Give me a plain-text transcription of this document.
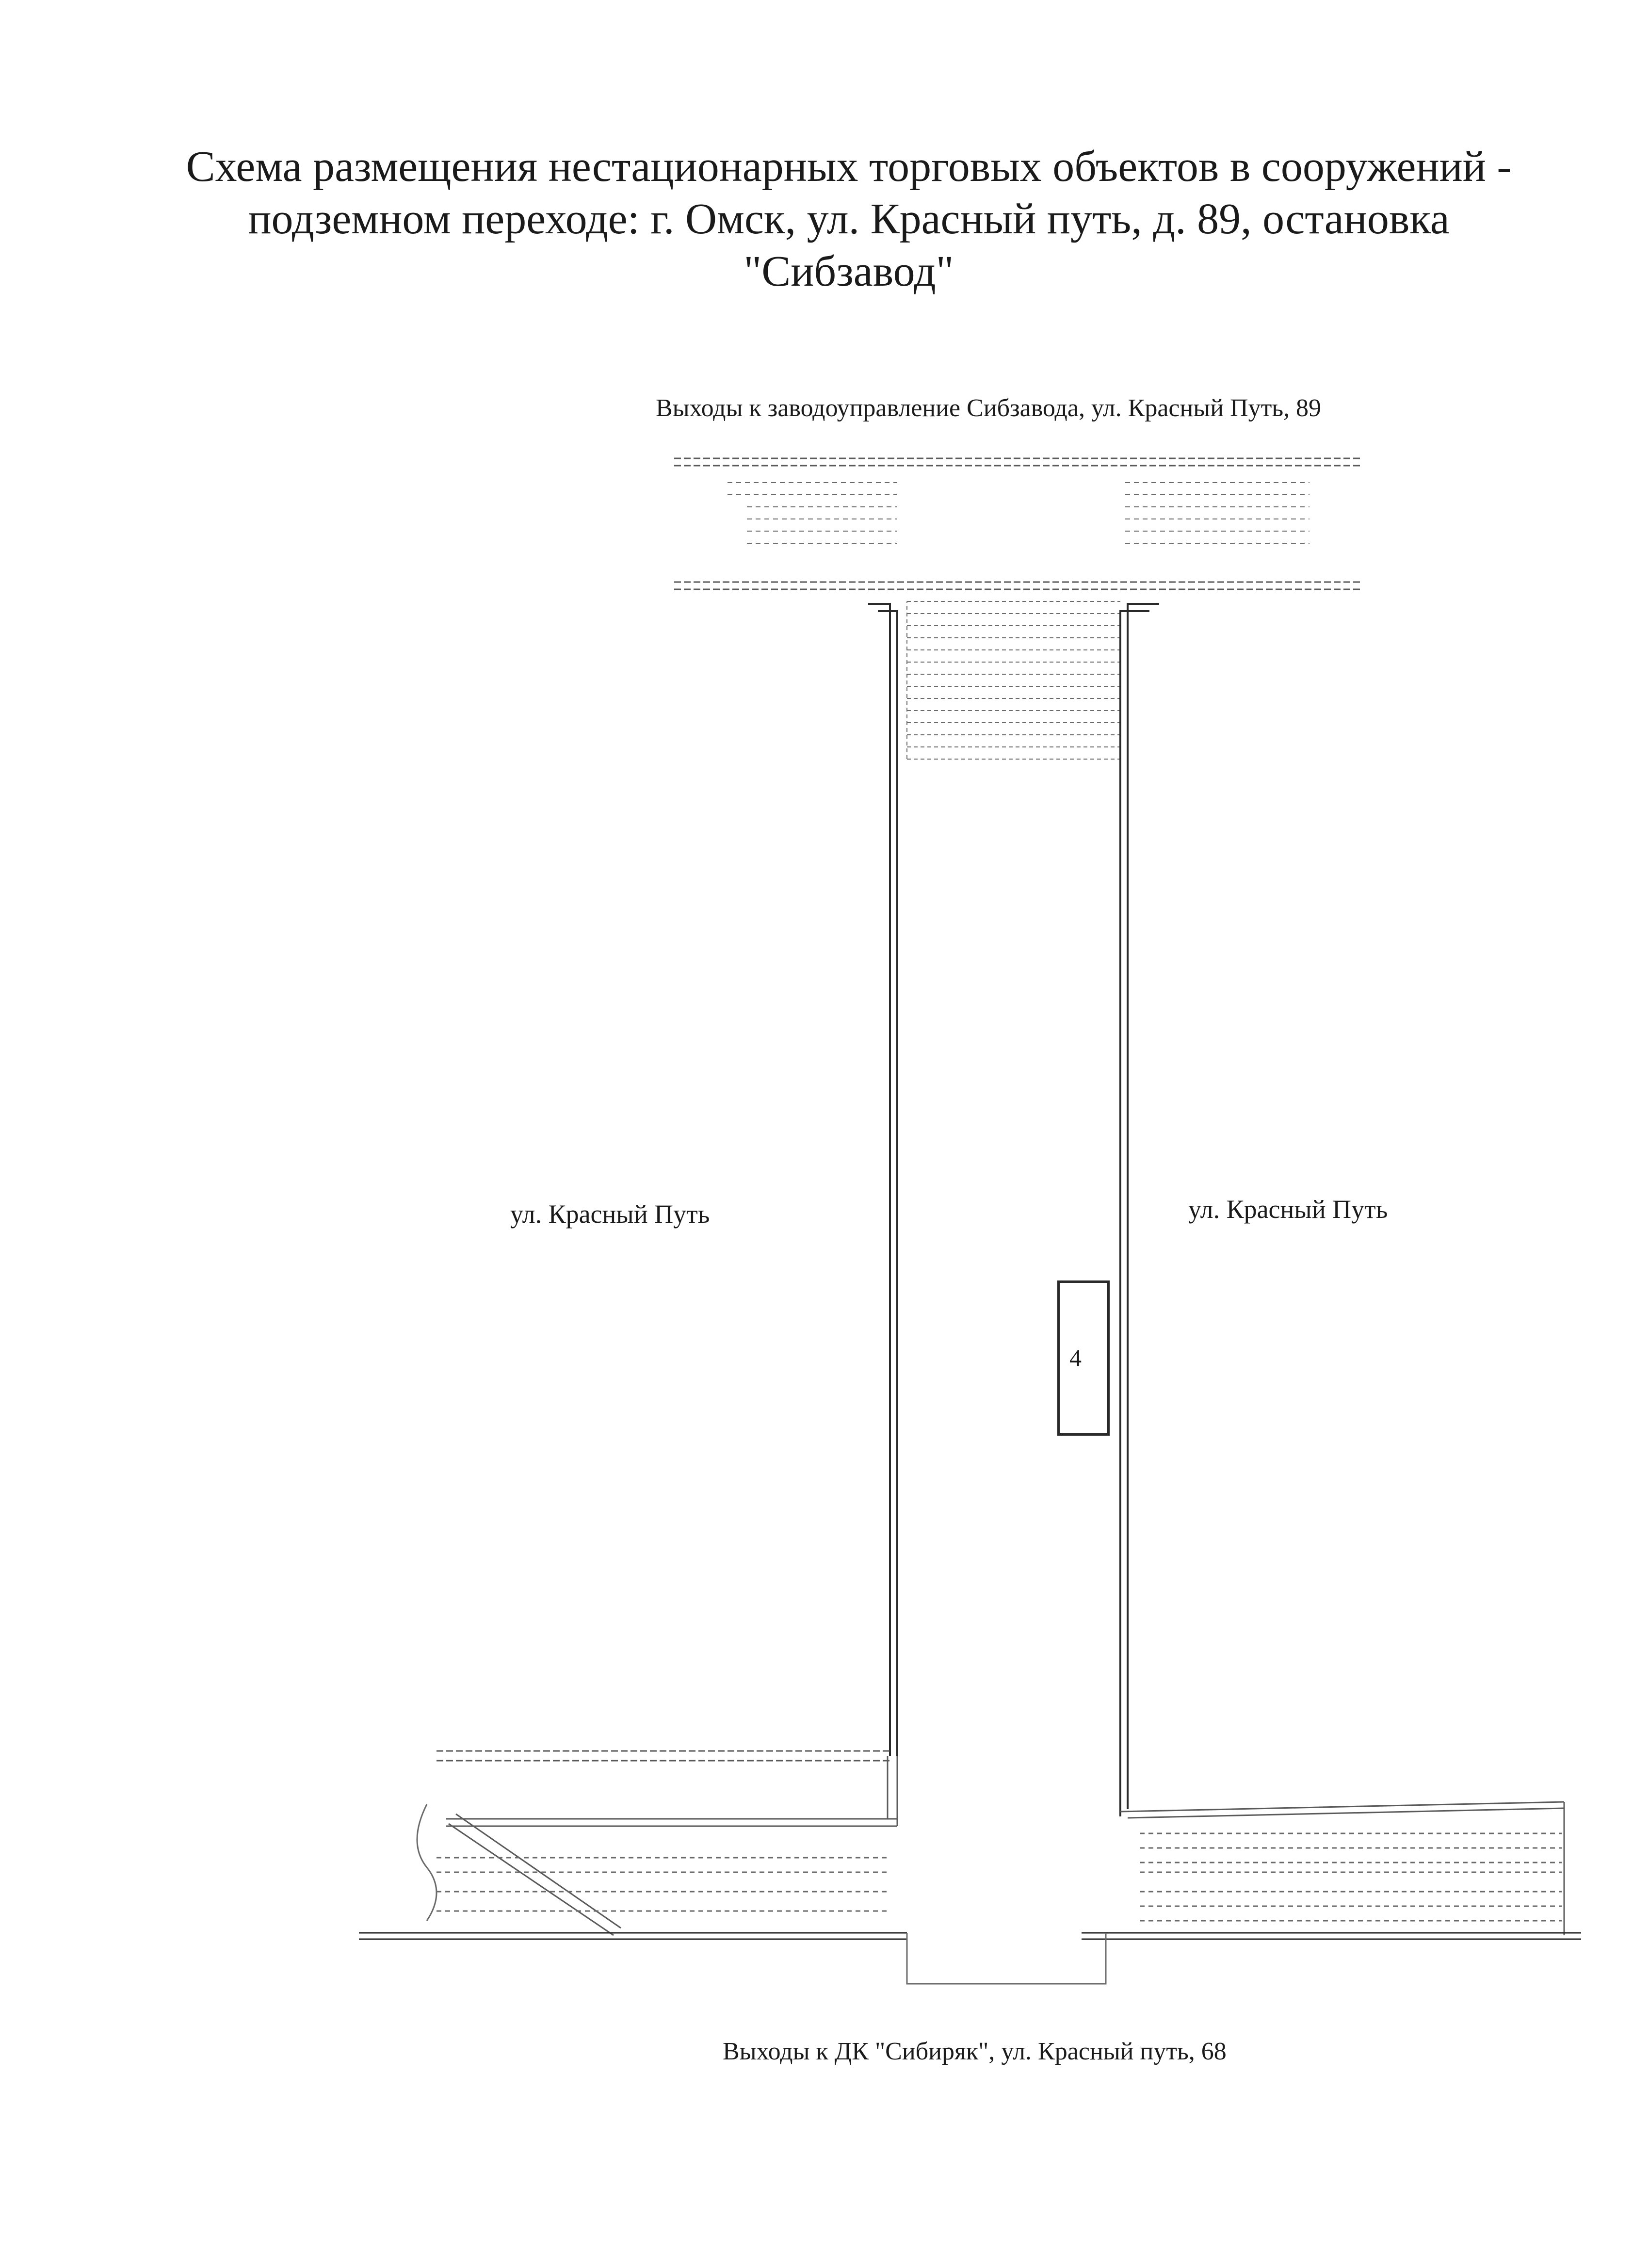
Схема размещения нестационарных торговых объектов в сооружений -
подземном переходе: г. Омск, ул. Красный путь, д. 89, остановка
"Сибзавод"
Выходы к заводоуправление Сибзавода, ул. Красный Путь, 89
ул. Красный Путь	ул. Красный Путь
4
Выходы к ДК "Сибиряк", ул. Красный путь, 68
